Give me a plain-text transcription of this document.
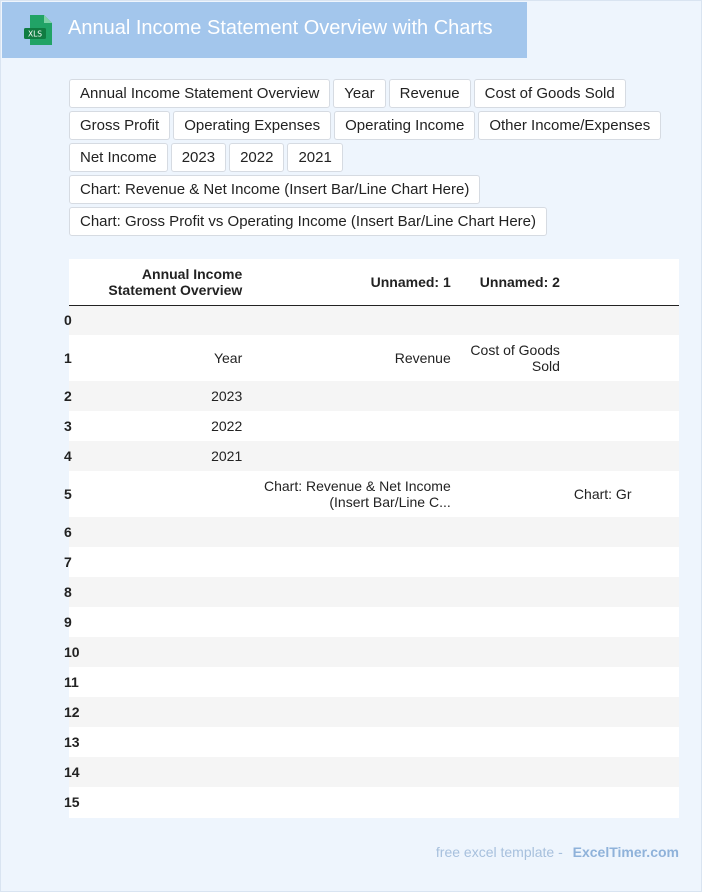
XLS Annual Income Statement Overview with Charts
Annual Income Statement Overview	Year	Revenue	Cost of Goods Sold
Gross Profit	Operating Expenses	Operating Income	Other Income/Expenses
Net Income	2023	2022	2021
Chart: Revenue & Net Income (Insert Bar/Line Chart Here)
Chart: Gross Profit vs Operating Income (Insert Bar/Line Chart Here)
	Annual Income Statement Overview	Unnamed: 1	Unnamed: 2	

0				

1	Year	Revenue	Cost of Goods Sold	

2	2023			

3	2022			

4	2021			

5		Chart: Revenue & Net Income (Insert Bar/Line C...		Chart: Gr

6				

7				

8				

9				

10				

11				

12				

13				

14				

15				

free excel template - ExcelTimer.com
